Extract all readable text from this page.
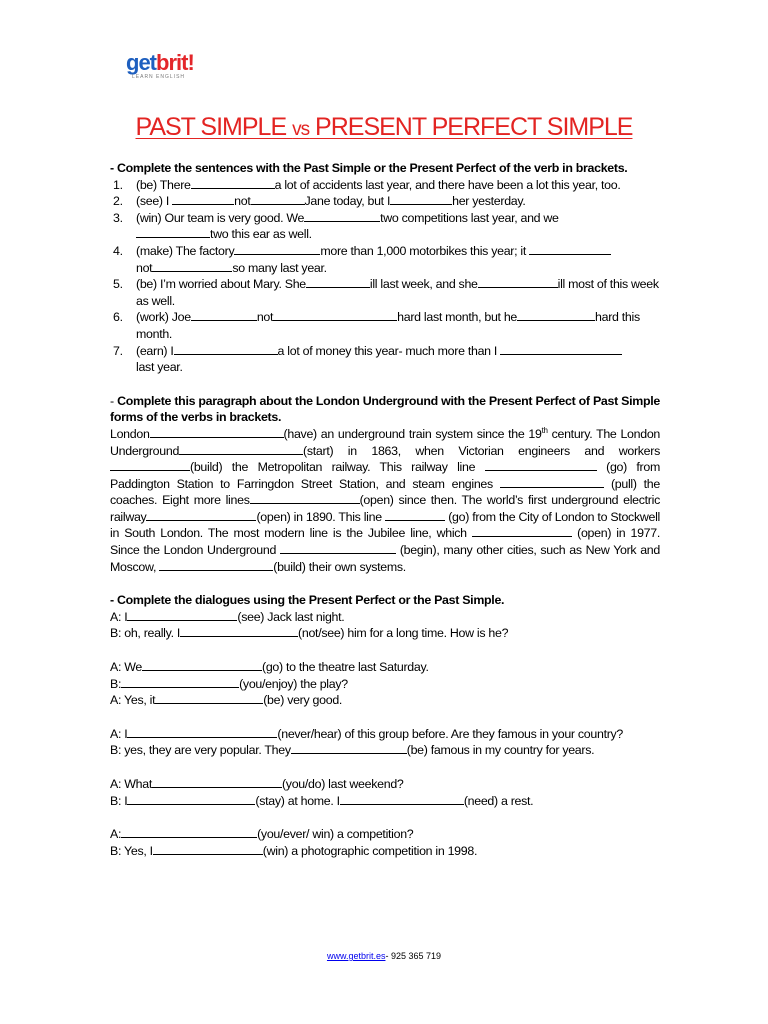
getbrit!
LEARN ENGLISH
PAST SIMPLE vs PRESENT PERFECT SIMPLE

- Complete the sentences with the Past Simple or the Present Perfect of the verb in brackets.

1. (be) There	a lot of accidents last year, and there have been a lot this year, too.
2. (see) I	not	Jane today, but I	her yesterday.
3. (win) Our team is very good. We	two competitions last year, and we
two this ear as well.
4. (make) The factory	more than 1,000 motorbikes this year; it
not	so many last year.
5. (be) I’m worried about Mary. She	ill last week, and she	ill most of this week as well.
6. (work) Joe	not	hard last month, but he	hard this month.
7. (earn) I	a lot of money this year- much more than I
last year.

- Complete this paragraph about the London Underground with the Present Perfect of Past Simple forms of the verbs in brackets.
London	(have) an underground train system since the 19th century. The London Underground	(start) in 1863, when Victorian engineers and workers(build) the Metropolitan railway. This railway line	(go) from Paddington Station to Farringdon Street Station, and steam engines	(pull) the coaches. Eight more lines	(open) since then. The world’s first underground electric railway	(open) in 1890. This line	(go) from the City of London to Stockwell in South London. The most modern line is the Jubilee line, which	(open) in 1977. Since the London Underground	(begin), many other cities, such as New York and Moscow,	(build) their own systems.

- Complete the dialogues using the Present Perfect or the Past Simple.

A: I	(see) Jack last night.

B: oh, really. I	(not/see) him for a long time. How is he?

A: We	(go) to the theatre last Saturday.

B:	(you/enjoy) the play?

A: Yes, it	(be) very good.

A: I	(never/hear) of this group before. Are they famous in your country?

B: yes, they are very popular. They	(be) famous in my country for years.

A: What	(you/do) last weekend?

B: I	(stay) at home. I	(need) a rest.

A:	(you/ever/ win) a competition?

B: Yes, I	(win) a photographic competition in 1998.

www.getbrit.es- 925 365 719
